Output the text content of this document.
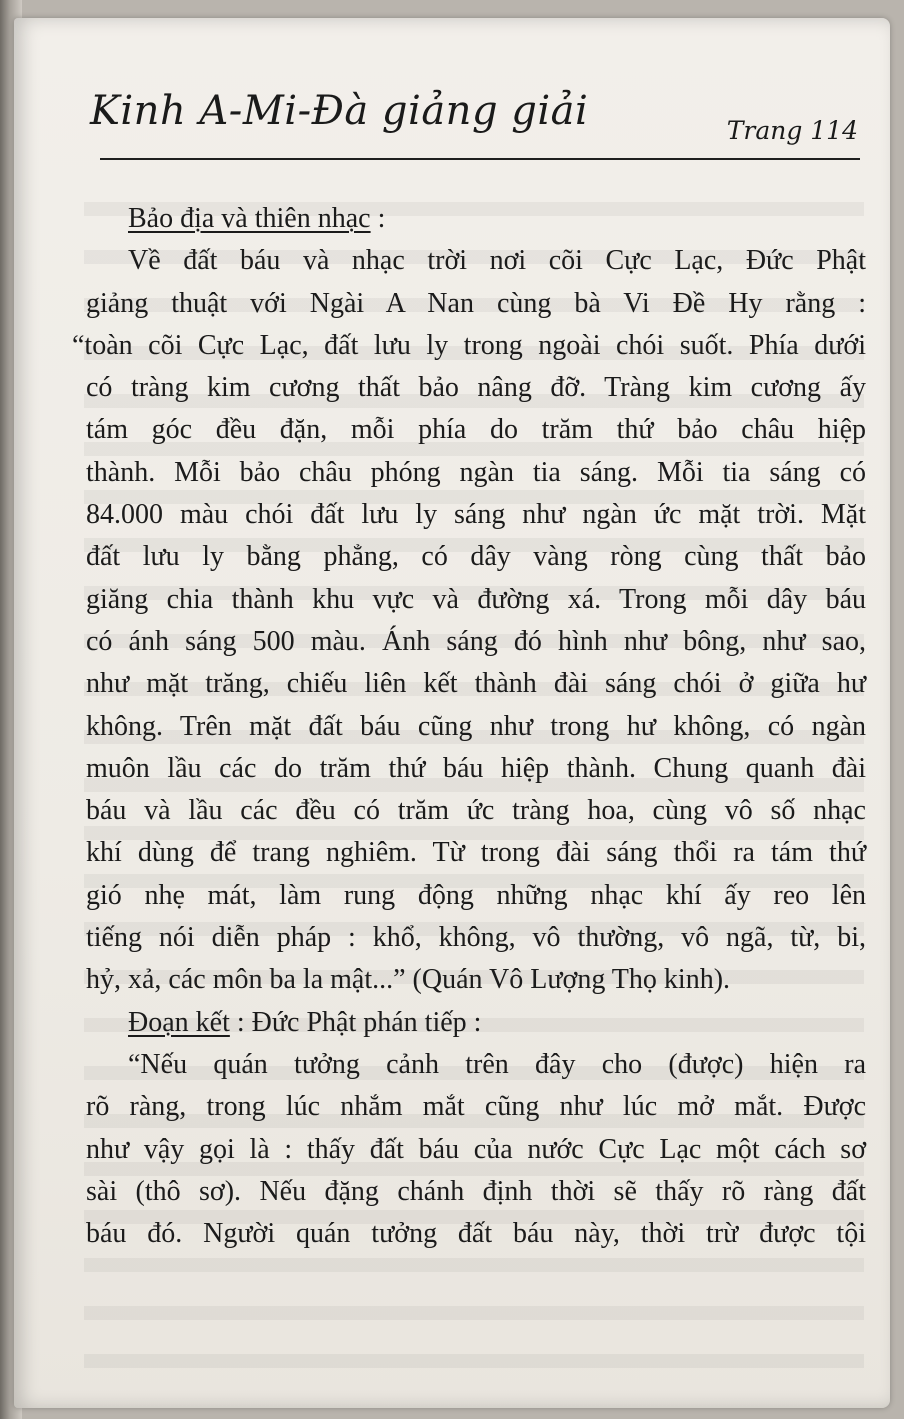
Kinh A-Mi-Đà giảng giải	Trang 114
Bảo địa và thiên nhạc :
Về đất báu và nhạc trời nơi cõi Cực Lạc, Đức Phật
giảng thuật với Ngài A Nan cùng bà Vi Đề Hy rằng :
“toàn cõi Cực Lạc, đất lưu ly trong ngoài chói suốt. Phía dưới
có tràng kim cương thất bảo nâng đỡ. Tràng kim cương ấy
tám góc đều đặn, mỗi phía do trăm thứ bảo châu hiệp
thành. Mỗi bảo châu phóng ngàn tia sáng. Mỗi tia sáng có
84.000 màu chói đất lưu ly sáng như ngàn ức mặt trời. Mặt
đất lưu ly bằng phẳng, có dây vàng ròng cùng thất bảo
giăng chia thành khu vực và đường xá. Trong mỗi dây báu
có ánh sáng 500 màu. Ánh sáng đó hình như bông, như sao,
như mặt trăng, chiếu liên kết thành đài sáng chói ở giữa hư
không. Trên mặt đất báu cũng như trong hư không, có ngàn
muôn lầu các do trăm thứ báu hiệp thành. Chung quanh đài
báu và lầu các đều có trăm ức tràng hoa, cùng vô số nhạc
khí dùng để trang nghiêm. Từ trong đài sáng thổi ra tám thứ
gió nhẹ mát, làm rung động những nhạc khí ấy reo lên
tiếng nói diễn pháp : khổ, không, vô thường, vô ngã, từ, bi,
hỷ, xả, các môn ba la mật...” (Quán Vô Lượng Thọ kinh).
Đoạn kết : Đức Phật phán tiếp :
“Nếu quán tưởng cảnh trên đây cho (được) hiện ra
rõ ràng, trong lúc nhắm mắt cũng như lúc mở mắt. Được
như vậy gọi là : thấy đất báu của nước Cực Lạc một cách sơ
sài (thô sơ). Nếu đặng chánh định thời sẽ thấy rõ ràng đất
báu đó. Người quán tưởng đất báu này, thời trừ được tội
